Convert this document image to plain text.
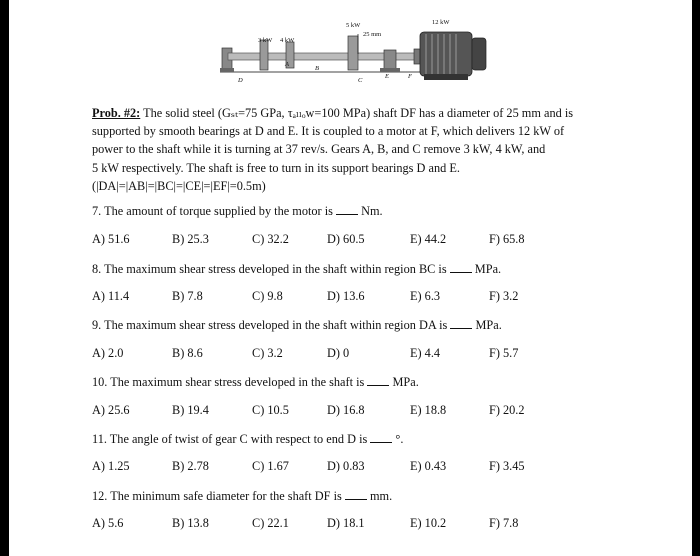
3 kW 4 kW
5 kW
25 mm
12 kW
D
A
B
C
E	F
Prob. #2: The solid steel (Gₛₜ=75 GPa, τₐₗₗₒw=100 MPa) shaft DF has a diameter of 25 mm and is
supported by smooth bearings at D and E. It is coupled to a motor at F, which delivers 12 kW of
power to the shaft while it is turning at 37 rev/s. Gears A, B, and C remove 3 kW, 4 kW, and
5 kW respectively. The shaft is free to turn in its support bearings D and E.
(|DA|=|AB|=|BC|=|CE|=|EF|=0.5m)
7. The amount of torque supplied by the motor is Nm.
A) 51.6	B) 25.3	C) 32.2	D) 60.5	E) 44.2	F) 65.8
8. The maximum shear stress developed in the shaft within region BC is MPa.
A) 11.4	B) 7.8	C) 9.8	D) 13.6	E) 6.3	F) 3.2
9. The maximum shear stress developed in the shaft within region DA is MPa.
A) 2.0	B) 8.6	C) 3.2	D) 0	E) 4.4	F) 5.7
10. The maximum shear stress developed in the shaft is MPa.
A) 25.6	B) 19.4	C) 10.5	D) 16.8	E) 18.8	F) 20.2
11. The angle of twist of gear C with respect to end D is °.
A) 1.25	B) 2.78	C) 1.67	D) 0.83	E) 0.43	F) 3.45
12. The minimum safe diameter for the shaft DF is mm.
A) 5.6	B) 13.8	C) 22.1	D) 18.1	E) 10.2	F) 7.8
